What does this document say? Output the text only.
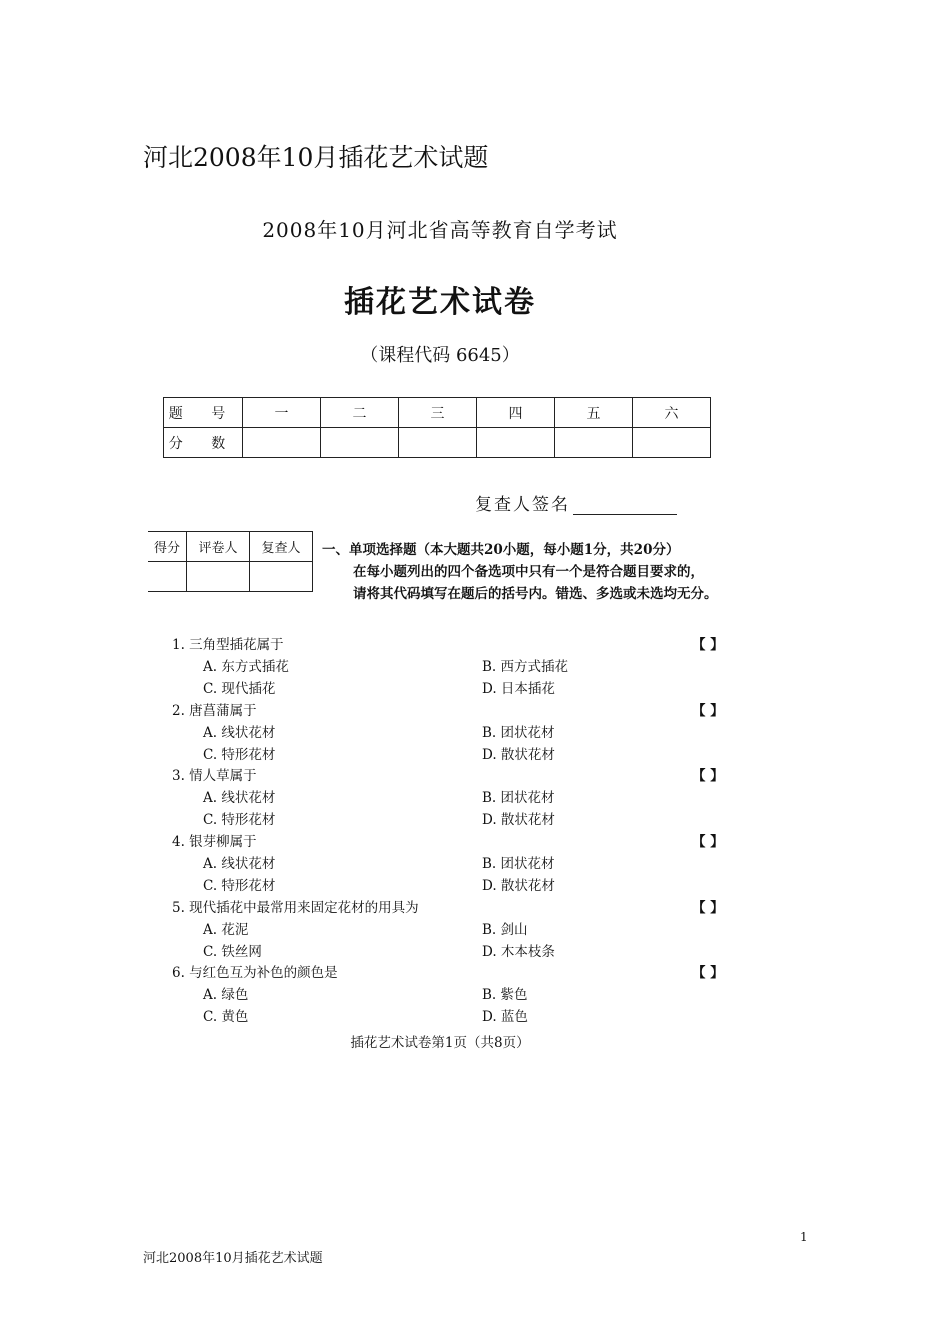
河北2008年10月插花艺术试题
2008年10月河北省高等教育自学考试
插花艺术试卷
（课程代码 6645）
题 号	一	二	三	四	五	六
分 数						
复查人签名
得分	评卷人	复查人
		一、单项选择题（本大题共20小题，每小题1分，共20分）
在每小题列出的四个备选项中只有一个是符合题目要求的，
请将其代码填写在题后的括号内。错选、多选或未选均无分。
1. 三角型插花属于	【 】
A. 东方式插花	B. 西方式插花
C. 现代插花	D. 日本插花
2. 唐菖蒲属于	【 】
A. 线状花材	B. 团状花材
C. 特形花材	D. 散状花材
3. 情人草属于	【 】
A. 线状花材	B. 团状花材
C. 特形花材	D. 散状花材
4. 银芽柳属于	【 】
A. 线状花材	B. 团状花材
C. 特形花材	D. 散状花材
5. 现代插花中最常用来固定花材的用具为	【 】
A. 花泥	B. 剑山
C. 铁丝网	D. 木本枝条
6. 与红色互为补色的颜色是	【 】
A. 绿色	B. 紫色
C. 黄色	D. 蓝色
插花艺术试卷第1页（共8页）
1
河北2008年10月插花艺术试题
